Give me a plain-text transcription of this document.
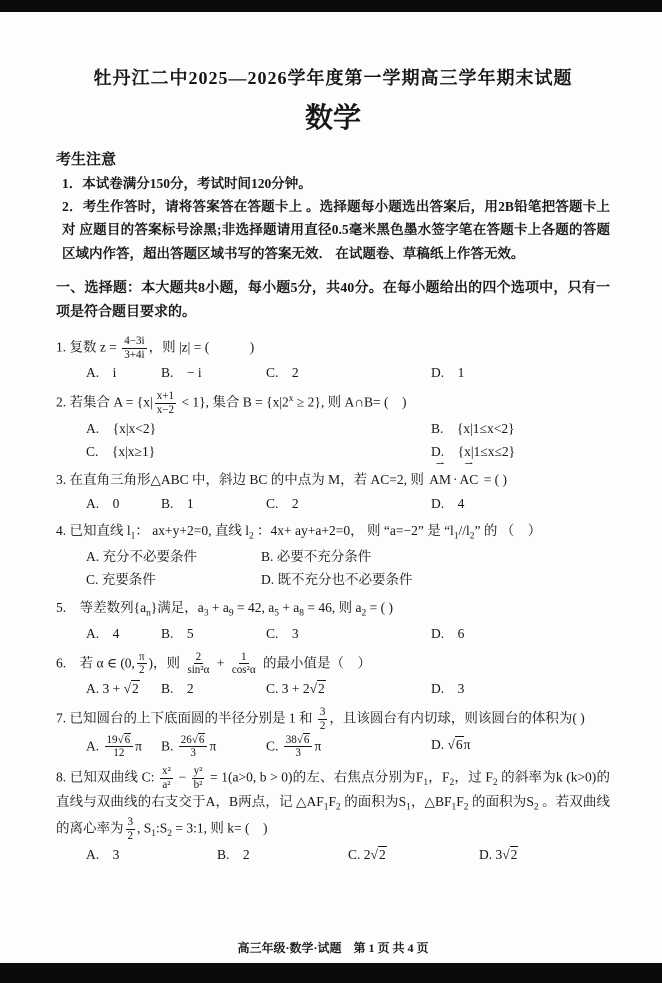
牡丹江二中2025—2026学年度第一学期高三学年期末试题
数学
考生注意
1．本试卷满分150分，考试时间120分钟。
2．考生作答时，请将答案答在答题卡上 。选择题每小题选出答案后，用2B铅笔把答题卡上对 应题目的答案标号涂黑;非选择题请用直径0.5毫米黑色墨水签字笔在答题卡上各题的答题区域内作答，超出答题区域书写的答案无效． 在试题卷、草稿纸上作答无效。
一、选择题：本大题共8小题，每小题5分，共40分。在每小题给出的四个选项中，只有一项是符合题目要求的。
1. 复数 $z = \frac{4-3i}{3+4i}$ ，则 |z| = (　　　)
A.　i	B.　− i	C.　2	D.　1
2. 若集合 $A = \{x| \frac{x+1}{x-2} < 1\}$, 集合 $B = \{x|2^x \ge 2\}$, 则 A∩B= (　)
A.　{x|x<2}	B.　{x|1≤x<2}
C.　{x|x≥1}	D.　{x|1≤x≤2}
3. 在直角三角形△ABC 中，斜边 BC 的中点为 M，若 AC=2, 则 ⇀ AM · ⇀ AC = ( )
A.　0	B.　1	C.　2	D.　4
4. 已知直线 $l_1$： ax+y+2=0, 直线 $l_2$ ：4x+ ay+a+2=0， 则 “a=−2” 是 “$l_1//l_2$” 的 （　）
A. 充分不必要条件	B. 必要不充分条件
C. 充要条件	D. 既不充分也不必要条件
5.　等差数列$\{a_n\}$满足，$a_3 + a_9 = 42$, $a_5 + a_8 = 46$, 则 $a_2$ = ( )
A.　4	B.　5	C.　3	D.　6
6.　若 α ∈ (0, $\frac{\pi}{2}$ )，则 $\frac{2}{\text{sin²α}} + \frac{1}{\text{cos²α}}$ 的最小值是（　）
A. 3 + √2	B.　2	C. 3 + 2√2	D.　3
7. 已知圆台的上下底面圆的半径分别是 1 和 $\frac{3}{2}$ ，且该圆台有内切球，则该圆台的体积为( )
A. $\frac{19√6}{12}$ π	B. $\frac{26√6}{3}$ π	C. $\frac{38√6}{3}$ π	D. √6π
8. 已知双曲线 C: $\frac{\text{x²}}{\text{a²}} - \frac{\text{y²}}{\text{b²}} = 1(a>0$, b > 0)的左、右焦点分别为$F_1$，$F_2$，过 $F_2$ 的斜率为k (k>0)的直线与双曲线的右支交于A，B两点，记 $\triangle AF_1F_2$ 的面积为$S_1$，$\triangle BF_1F_2$ 的面积为$S_2$ 。若双曲线的离心率为 $\frac{3}{2}$ , $S_1:S_2$ = 3:1, 则 k= (　)
A.　3	B.　2	C. 2√2	D. 3√2
高三年级·数学·试题　第 1 页 共 4 页
